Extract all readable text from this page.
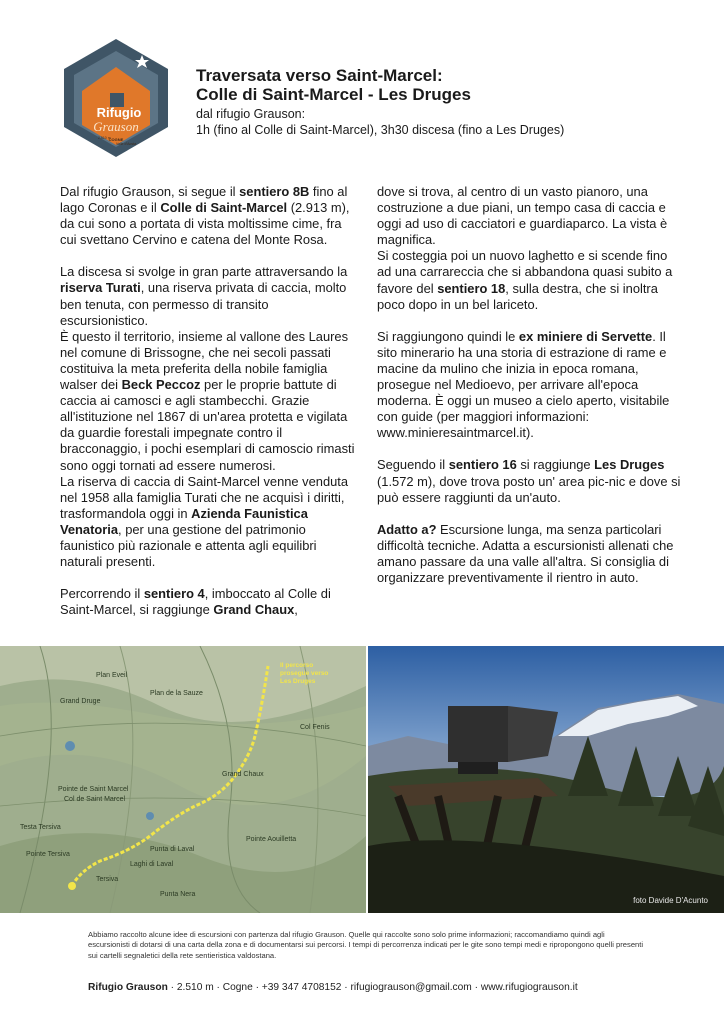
Rifugio
Grauson
2.510 m
COGNE
Valle d'Aosta

Traversata verso Saint-Marcel:

Colle di Saint-Marcel - Les Druges

dal rifugio Grauson:

1h (fino al Colle di Saint-Marcel), 3h30 discesa (fino a Les Druges)

Dal rifugio Grauson, si segue il sentiero 8B fino al lago Coronas e il Colle di Saint-Marcel (2.913 m), da cui sono a portata di vista moltissime cime, fra cui svettano Cervino e catena del Monte Rosa.

La discesa si svolge in gran parte attraversando la riserva Turati, una riserva privata di caccia, molto ben tenuta, con permesso di transito escursionistico.

È questo il territorio, insieme al vallone des Laures nel comune di Brissogne, che nei secoli passati costituiva la meta preferita della nobile famiglia walser dei Beck Peccoz per le proprie battute di caccia ai camosci e agli stambecchi. Grazie all'istituzione nel 1867 di un'area protetta e vigilata da guardie forestali impegnate contro il bracconaggio, i pochi esemplari di camoscio rimasti sono oggi tornati ad essere numerosi.

La riserva di caccia di Saint-Marcel venne venduta nel 1958 alla famiglia Turati che ne acquisì i diritti, trasformandola oggi in Azienda Faunistica Venatoria, per una gestione del patrimonio faunistico più razionale e attenta agli equilibri naturali presenti.

Percorrendo il sentiero 4, imboccato al Colle di Saint-Marcel, si raggiunge Grand Chaux,

dove si trova, al centro di un vasto pianoro, una costruzione a due piani, un tempo casa di caccia e oggi ad uso di cacciatori e guardiaparco. La vista è magnifica.

Si costeggia poi un nuovo laghetto e si scende fino ad una carrareccia che si abbandona quasi subito a favore del sentiero 18, sulla destra, che si inoltra poco dopo in un bel lariceto.

Si raggiungono quindi le ex miniere di Servette. Il sito minerario ha una storia di estrazione di rame e macine da mulino che inizia in epoca romana, prosegue nel Medioevo, per arrivare all'epoca moderna. È oggi un museo a cielo aperto, visitabile con guide (per maggiori informazioni: www.minieresaintmarcel.it).

Seguendo il sentiero 16 si raggiunge Les Druges (1.572 m), dove trova posto un' area pic-nic e dove si può essere raggiunti da un'auto.

Adatto a? Escursione lunga, ma senza particolari difficoltà tecniche. Adatta a escursionisti allenati che amano passare da una valle all'altra. Si consiglia di organizzare preventivamente il rientro in auto.

Il percorso prosegue verso Les Druges
Plan Eveil
Grand Druge
Plan de la Sauze
Pointe de Saint Marcel
Col de Saint Marcel
Punta di Laval
Pointe Tersiva
Laghi di Laval
Grand Chaux
Col Fenis
Pointe Aouilletta
Testa Tersiva
Punta Nera
Tersiva
foto Davide D'Acunto

Abbiamo raccolto alcune idee di escursioni con partenza dal rifugio Grauson. Quelle qui raccolte sono solo prime informazioni; raccomandiamo quindi agli escursionisti di dotarsi di una carta della zona e di documentarsi sui percorsi. I tempi di percorrenza indicati per le gite sono tempi medi e ripropongono quelli presenti sui cartelli segnaletici della rete sentieristica valdostana.

Rifugio Grauson · 2.510 m · Cogne · +39 347 4708152 · rifugiograuson@gmail.com · www.rifugiograuson.it
